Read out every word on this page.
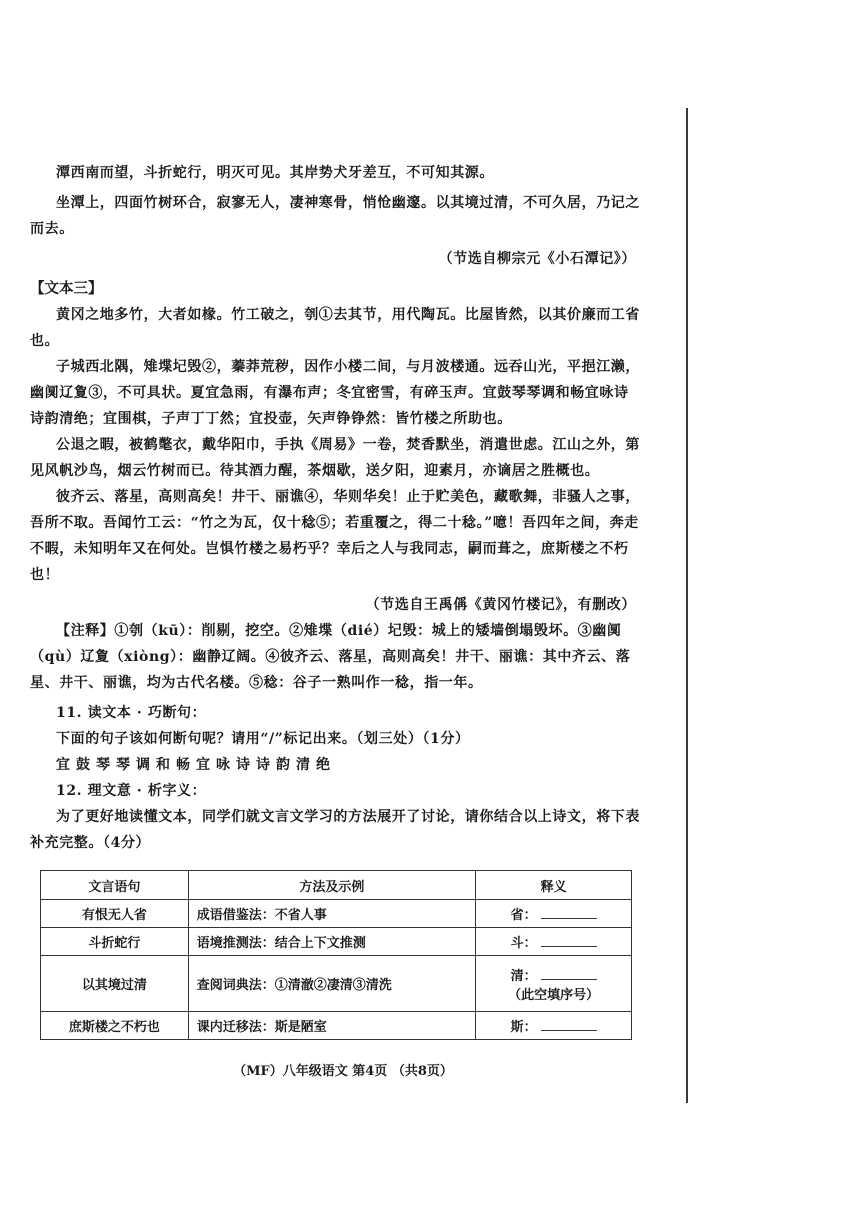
潭西南而望，斗折蛇行，明灭可见。其岸势犬牙差互，不可知其源。

坐潭上，四面竹树环合，寂寥无人，凄神寒骨，悄怆幽邃。以其境过清，不可久居，乃记之而去。

（节选自柳宗元《小石潭记》）

【文本三】

黄冈之地多竹，大者如椽。竹工破之，刳①去其节，用代陶瓦。比屋皆然，以其价廉而工省也。

子城西北隅，雉堞圮毁②，蓁莽荒秽，因作小楼二间，与月波楼通。远吞山光，平挹江濑，幽阒辽夐③，不可具状。夏宜急雨，有瀑布声；冬宜密雪，有碎玉声。宜鼓琴琴调和畅宜咏诗诗韵清绝；宜围棋，子声丁丁然；宜投壶，矢声铮铮然：皆竹楼之所助也。

公退之暇，被鹤氅衣，戴华阳巾，手执《周易》一卷，焚香默坐，消遣世虑。江山之外，第见风帆沙鸟，烟云竹树而已。待其酒力醒，茶烟歇，送夕阳，迎素月，亦谪居之胜概也。

彼齐云、落星，高则高矣！井干、丽谯④，华则华矣！止于贮美色，藏歌舞，非骚人之事，吾所不取。吾闻竹工云：“竹之为瓦，仅十稔⑤；若重覆之，得二十稔。”噫！吾四年之间，奔走不暇，未知明年又在何处。岂惧竹楼之易朽乎？幸后之人与我同志，嗣而葺之，庶斯楼之不朽也！

（节选自王禹偁《黄冈竹楼记》，有删改）

【注释】①刳（kū）：削剔，挖空。②雉堞（dié）圮毁：城上的矮墙倒塌毁坏。③幽阒（qù）辽夐（xiòng）：幽静辽阔。④彼齐云、落星，高则高矣！井干、丽谯：其中齐云、落星、井干、丽谯，均为古代名楼。⑤稔：谷子一熟叫作一稔，指一年。

11. 读文本 · 巧断句：

下面的句子该如何断句呢？请用“/”标记出来。（划三处）（1分）

宜鼓琴琴调和畅宜咏诗诗韵清绝

12. 理文意 · 析字义：

为了更好地读懂文本，同学们就文言文学习的方法展开了讨论，请你结合以上诗文，将下表补充完整。（4分）

文言语句	方法及示例	释义
有恨无人省	成语借鉴法：不省人事	省：
斗折蛇行	语境推测法：结合上下文推测	斗：
以其境过清	查阅词典法：①清澈②凄清③清洗	清：
（此空填序号）

庶斯楼之不朽也	课内迁移法：斯是陋室	斯：
（MF）八年级语文 第4页 （共8页）
